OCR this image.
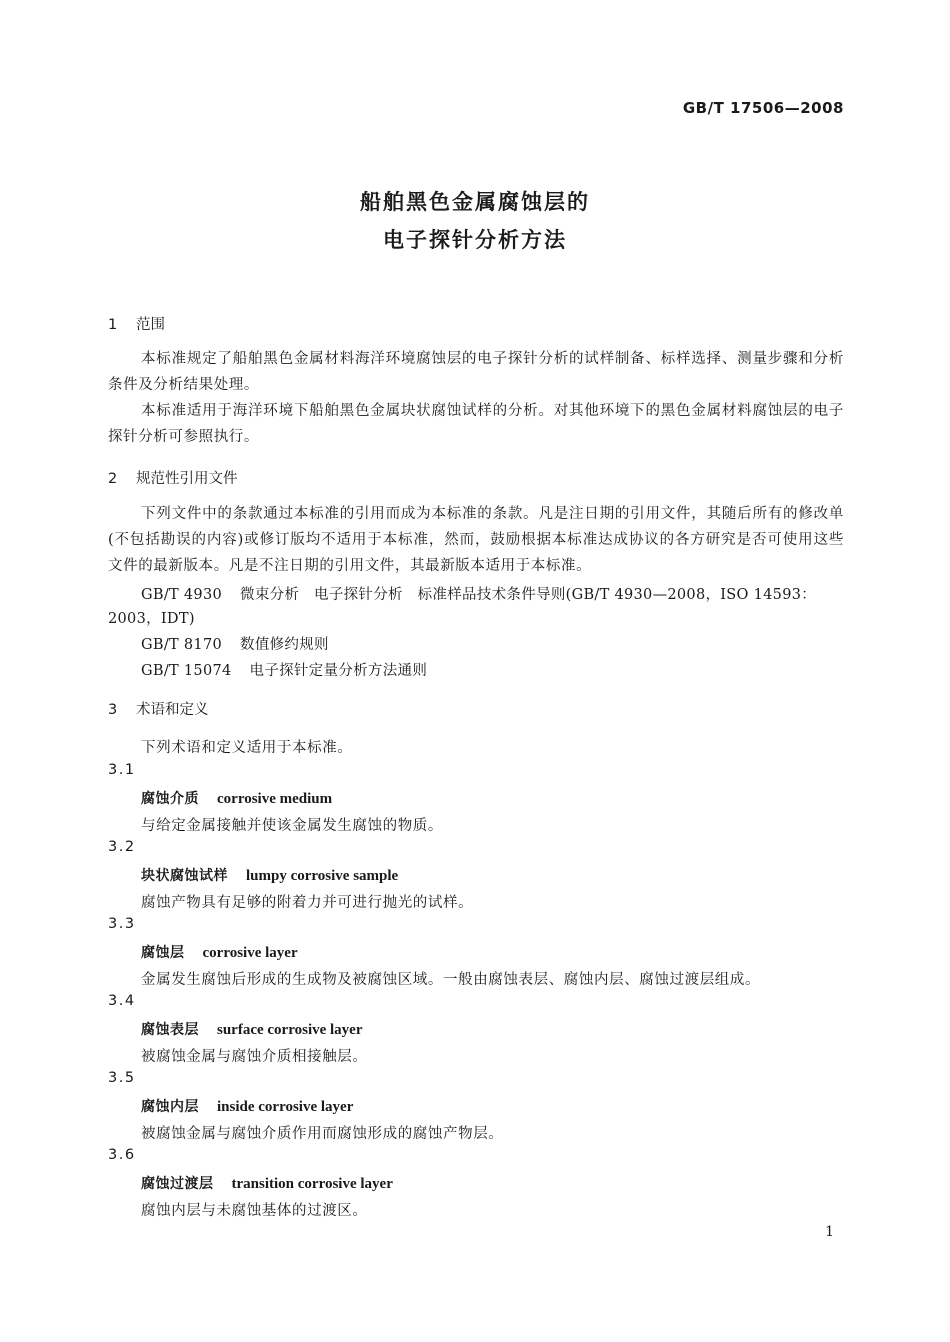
GB/T 17506—2008
船舶黑色金属腐蚀层的
电子探针分析方法
1 范围
本标准规定了船舶黑色金属材料海洋环境腐蚀层的电子探针分析的试样制备、标样选择、测量步骤和分析条件及分析结果处理。
本标准适用于海洋环境下船舶黑色金属块状腐蚀试样的分析。对其他环境下的黑色金属材料腐蚀层的电子探针分析可参照执行。
2 规范性引用文件
下列文件中的条款通过本标准的引用而成为本标准的条款。凡是注日期的引用文件，其随后所有的修改单(不包括勘误的内容)或修订版均不适用于本标准，然而，鼓励根据本标准达成协议的各方研究是否可使用这些文件的最新版本。凡是不注日期的引用文件，其最新版本适用于本标准。
GB/T 4930 微束分析　电子探针分析　标准样品技术条件导则(GB/T 4930—2008，ISO 14593：
2003，IDT)
GB/T 8170 数值修约规则
GB/T 15074 电子探针定量分析方法通则
3 术语和定义
下列术语和定义适用于本标准。
3.1
腐蚀介质 corrosive medium
与给定金属接触并使该金属发生腐蚀的物质。
3.2
块状腐蚀试样 lumpy corrosive sample
腐蚀产物具有足够的附着力并可进行抛光的试样。
3.3
腐蚀层 corrosive layer
金属发生腐蚀后形成的生成物及被腐蚀区域。一般由腐蚀表层、腐蚀内层、腐蚀过渡层组成。
3.4
腐蚀表层 surface corrosive layer
被腐蚀金属与腐蚀介质相接触层。
3.5
腐蚀内层 inside corrosive layer
被腐蚀金属与腐蚀介质作用而腐蚀形成的腐蚀产物层。
3.6
腐蚀过渡层 transition corrosive layer
腐蚀内层与未腐蚀基体的过渡区。
1
